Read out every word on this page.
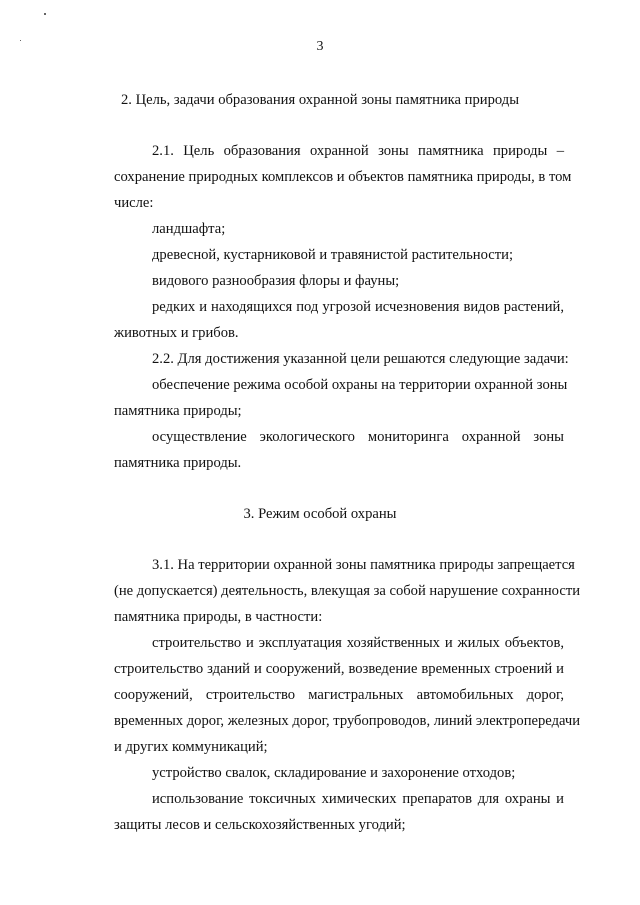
3

2. Цель, задачи образования охранной зоны памятника природы

2.1. Цель образования охранной зоны памятника природы –
сохранение природных комплексов и объектов памятника природы, в том
числе:

ландшафта;

древесной, кустарниковой и травянистой растительности;

видового разнообразия флоры и фауны;

редких и находящихся под угрозой исчезновения видов растений,
животных и грибов.

2.2. Для достижения указанной цели решаются следующие задачи:

обеспечение режима особой охраны на территории охранной зоны
памятника природы;

осуществление экологического мониторинга охранной зоны
памятника природы.

3. Режим особой охраны

3.1. На территории охранной зоны памятника природы запрещается
(не допускается) деятельность, влекущая за собой нарушение сохранности
памятника природы, в частности:

строительство и эксплуатация хозяйственных и жилых объектов,
строительство зданий и сооружений, возведение временных строений и
сооружений, строительство магистральных автомобильных дорог,
временных дорог, железных дорог, трубопроводов, линий электропередачи
и других коммуникаций;

устройство свалок, складирование и захоронение отходов;

использование токсичных химических препаратов для охраны и
защиты лесов и сельскохозяйственных угодий;
